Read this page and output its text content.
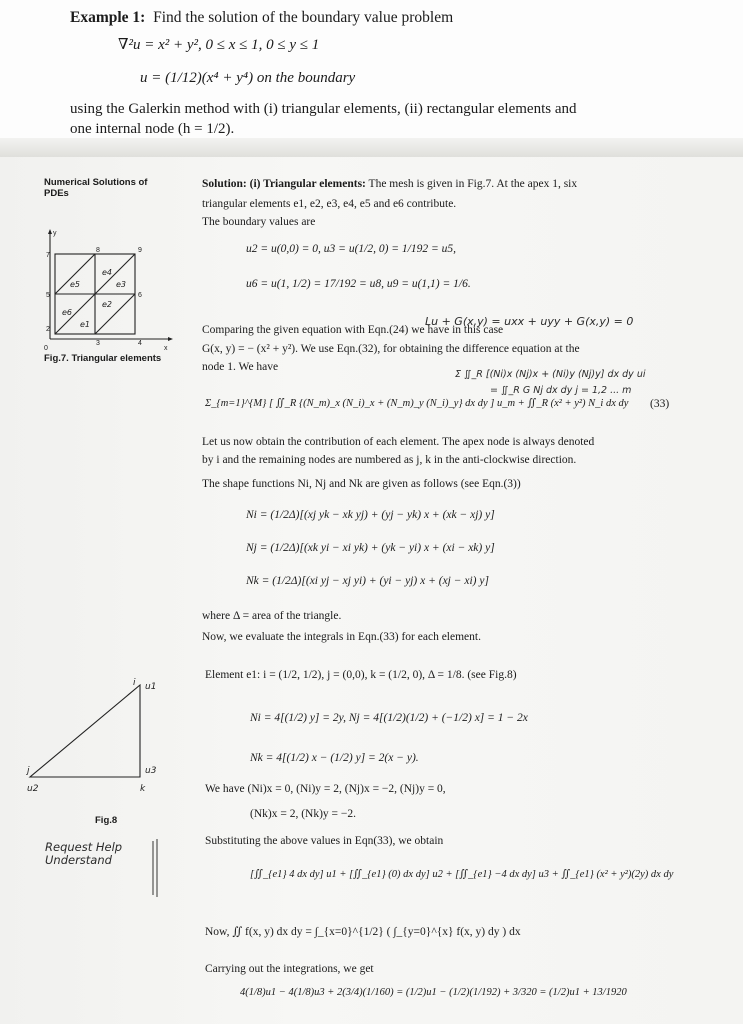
Example 1: Find the solution of the boundary value problem

∇²u = x² + y², 0 ≤ x ≤ 1, 0 ≤ y ≤ 1

u = (1/12)(x⁴ + y⁴) on the boundary

using the Galerkin method with (i) triangular elements, (ii) rectangular elements and

one internal node (h = 1/2).

Numerical Solutions of PDEs
7
8	9
5	6
2
3	4
0	x
y
e4
e5	e3
e6
e1
e2
Fig.7. Triangular elements
i u1
j	u3
k
u2
Fig.8
Request Help Understand

Solution: (i) Triangular elements: The mesh is given in Fig.7. At the apex 1, six

triangular elements e1, e2, e3, e4, e5 and e6 contribute.

The boundary values are

u2 = u(0,0) = 0, u3 = u(1/2, 0) = 1/192 = u5,

u6 = u(1, 1/2) = 17/192 = u8, u9 = u(1,1) = 1/6.

Lu + G(x,y) = uxx + uyy + G(x,y) = 0

Comparing the given equation with Eqn.(24) we have in this case

G(x, y) = − (x² + y²). We use Eqn.(32), for obtaining the difference equation at the

node 1. We have

Σ ∬_R [(Ni)x (Nj)x + (Ni)y (Nj)y] dx dy ui

= ∬_R G Nj dx dy j = 1,2 ... m

Σ_{m=1}^{M} [ ∬_R {(N_m)_x (N_i)_x + (N_m)_y (N_i)_y} dx dy ] u_m + ∬_R (x² + y²) N_i dx dy (33)

Let us now obtain the contribution of each element. The apex node is always denoted

by i and the remaining nodes are numbered as j, k in the anti-clockwise direction.

The shape functions Ni, Nj and Nk are given as follows (see Eqn.(3))

Ni = (1/2Δ)[(xj yk − xk yj) + (yj − yk) x + (xk − xj) y]

Nj = (1/2Δ)[(xk yi − xi yk) + (yk − yi) x + (xi − xk) y]

Nk = (1/2Δ)[(xi yj − xj yi) + (yi − yj) x + (xj − xi) y]

where Δ = area of the triangle.

Now, we evaluate the integrals in Eqn.(33) for each element.

Element e1: i = (1/2, 1/2), j = (0,0), k = (1/2, 0), Δ = 1/8. (see Fig.8)

Ni = 4[(1/2) y] = 2y, Nj = 4[(1/2)(1/2) + (−1/2) x] = 1 − 2x

Nk = 4[(1/2) x − (1/2) y] = 2(x − y).

We have (Ni)x = 0, (Ni)y = 2, (Nj)x = −2, (Nj)y = 0,

(Nk)x = 2, (Nk)y = −2.

Substituting the above values in Eqn(33), we obtain

[∬_{e1} 4 dx dy] u1 + [∬_{e1} (0) dx dy] u2 + [∬_{e1} −4 dx dy] u3 + ∬_{e1} (x² + y²)(2y) dx dy

Now, ∬ f(x, y) dx dy = ∫_{x=0}^{1/2} ( ∫_{y=0}^{x} f(x, y) dy ) dx

Carrying out the integrations, we get

4(1/8)u1 − 4(1/8)u3 + 2(3/4)(1/160) = (1/2)u1 − (1/2)(1/192) + 3/320 = (1/2)u1 + 13/1920
